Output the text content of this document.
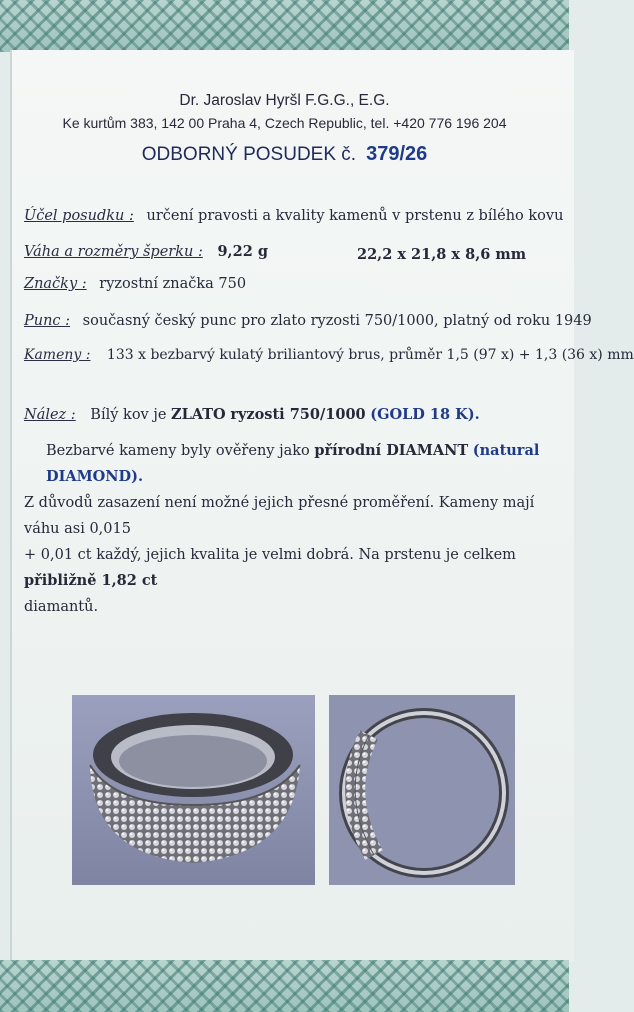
Dr. Jaroslav Hyršl F.G.G., E.G.
Ke kurtům 383, 142 00 Praha 4, Czech Republic, tel. +420 776 196 204
ODBORNÝ POSUDEK č. 379/26
Účel posudku : určení pravosti a kvality kamenů v prstenu z bílého kovu
Váha a rozměry šperku : 9,22 g	22,2 x 21,8 x 8,6 mm
Značky : ryzostní značka 750
Punc : současný český punc pro zlato ryzosti 750/1000, platný od roku 1949
Kameny : 133 x bezbarvý kulatý briliantový brus, průměr 1,5 (97 x) + 1,3 (36 x) mm
Nález : Bílý kov je ZLATO ryzosti 750/1000 (GOLD 18 K).
Bezbarvé kameny byly ověřeny jako přírodní DIAMANT (natural DIAMOND).
Z důvodů zasazení není možné jejich přesné proměření. Kameny mají váhu asi 0,015
+ 0,01 ct každý, jejich kvalita je velmi dobrá. Na prstenu je celkem přibližně 1,82 ct
diamantů.
